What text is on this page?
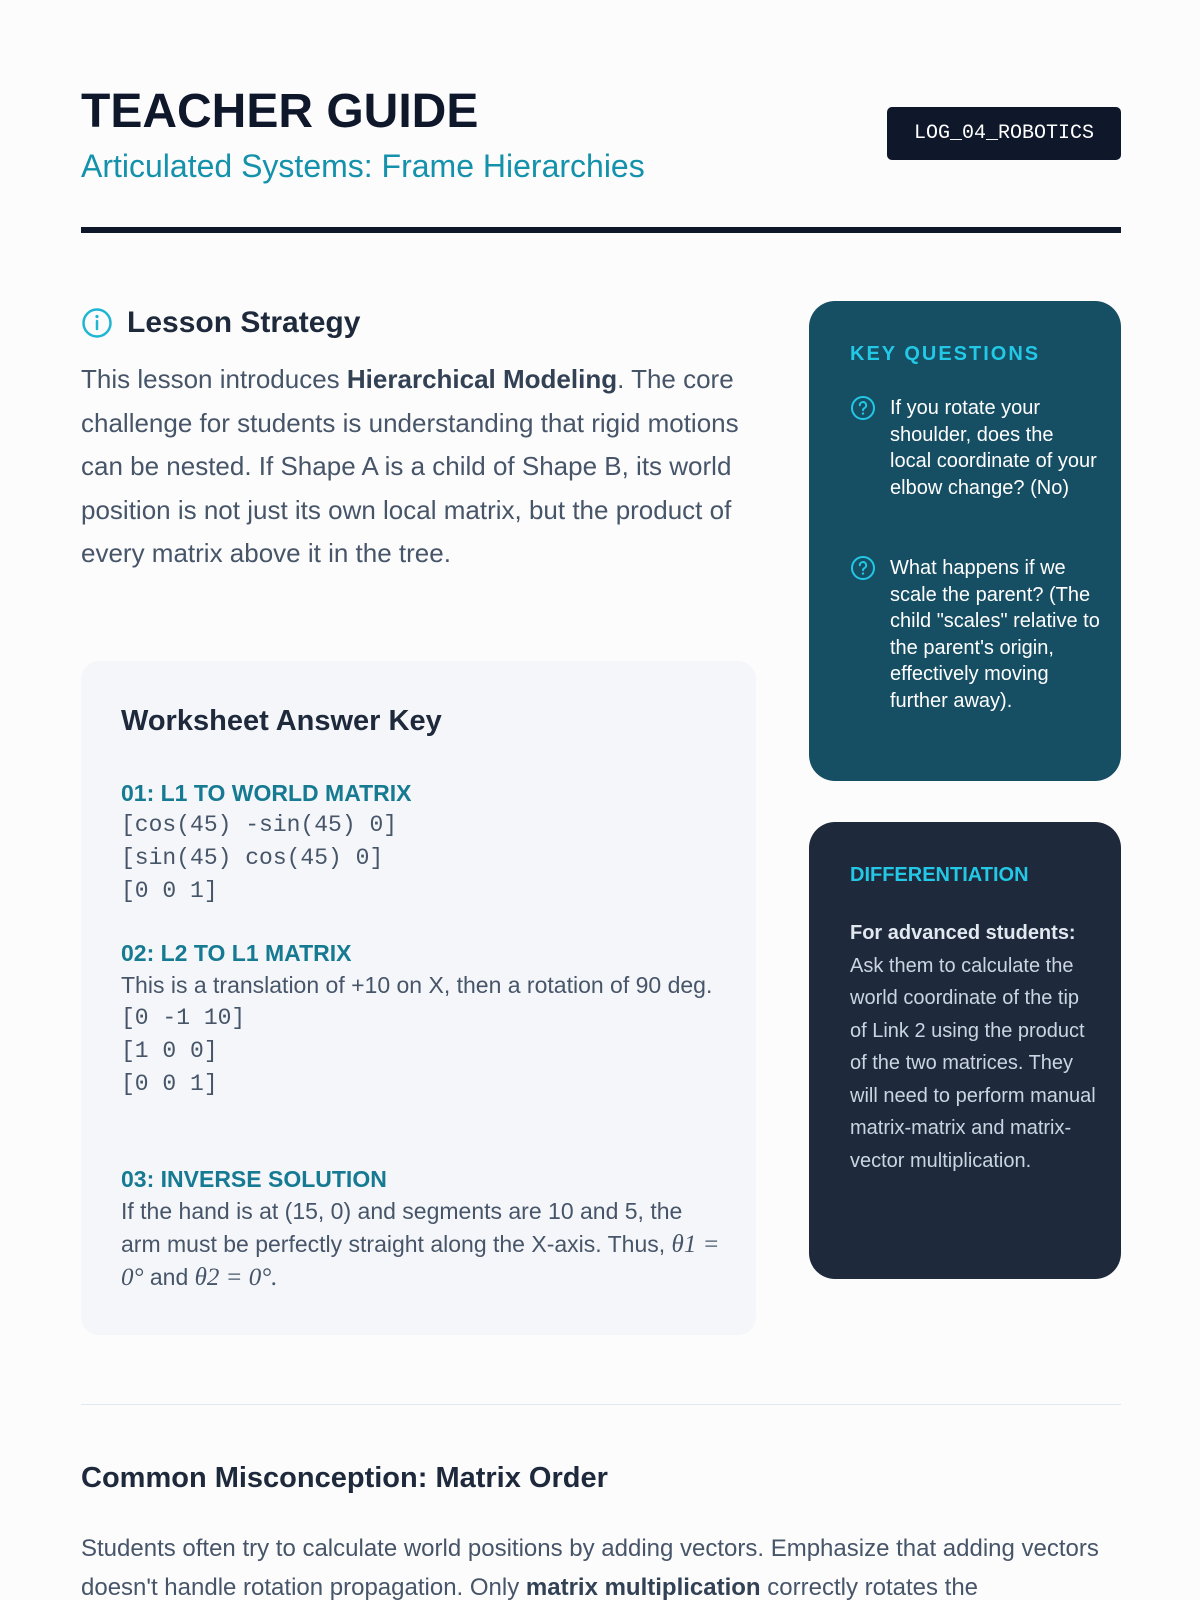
TEACHER GUIDE
Articulated Systems: Frame Hierarchies
LOG_04_ROBOTICS
Lesson Strategy

This lesson introduces Hierarchical Modeling. The core challenge for students is understanding that rigid motions can be nested. If Shape A is a child of Shape B, its world position is not just its own local matrix, but the product of every matrix above it in the tree.

Worksheet Answer Key
01: L1 TO WORLD MATRIX
[cos(45) -sin(45) 0]
[sin(45) cos(45) 0]
[0 0 1]
02: L2 TO L1 MATRIX
This is a translation of +10 on X, then a rotation of 90 deg.
[0 -1 10]
[1 0 0]
[0 0 1]
03: INVERSE SOLUTION
If the hand is at (15, 0) and segments are 10 and 5, the arm must be perfectly straight along the X-axis. Thus, θ1 = 0° and θ2 = 0°.
KEY QUESTIONS
If you rotate your shoulder, does the local coordinate of your elbow change? (No)
What happens if we scale the parent? (The child "scales" relative to the parent's origin, effectively moving further away).
DIFFERENTIATION

For advanced students: Ask them to calculate the world coordinate of the tip of Link 2 using the product of the two matrices. They will need to perform manual matrix-matrix and matrix-vector multiplication.

Common Misconception: Matrix Order

Students often try to calculate world positions by adding vectors. Emphasize that adding vectors doesn't handle rotation propagation. Only matrix multiplication correctly rotates the
